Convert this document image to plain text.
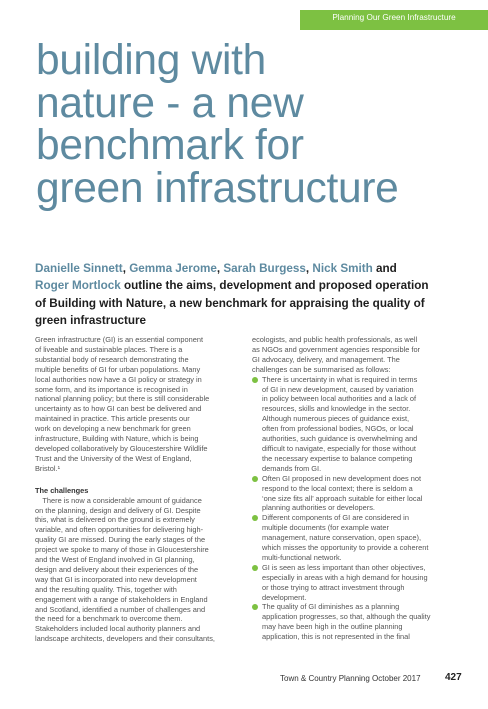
Planning Our Green Infrastructure
building with
nature - a new
benchmark for
green infrastructure
Danielle Sinnett, Gemma Jerome, Sarah Burgess, Nick Smith and
Roger Mortlock outline the aims, development and proposed operation
of Building with Nature, a new benchmark for appraising the quality of
green infrastructure

Green infrastructure (GI) is an essential component
of liveable and sustainable places. There is a
substantial body of research demonstrating the
multiple benefits of GI for urban populations. Many
local authorities now have a GI policy or strategy in
some form, and its importance is recognised in
national planning policy; but there is still considerable
uncertainty as to how GI can best be delivered and
maintained in practice. This article presents our
work on developing a new benchmark for green
infrastructure, Building with Nature, which is being
developed collaboratively by Gloucestershire Wildlife
Trust and the University of the West of England,
Bristol.¹

The challenges

 There is now a considerable amount of guidance
on the planning, design and delivery of GI. Despite
this, what is delivered on the ground is extremely
variable, and often opportunities for delivering high-
quality GI are missed. During the early stages of the
project we spoke to many of those in Gloucestershire
and the West of England involved in GI planning,
design and delivery about their experiences of the
way that GI is incorporated into new development
and the resulting quality. This, together with
engagement with a range of stakeholders in England
and Scotland, identified a number of challenges and
the need for a benchmark to overcome them.
Stakeholders included local authority planners and
landscape architects, developers and their consultants,

ecologists, and public health professionals, as well
as NGOs and government agencies responsible for
GI advocacy, delivery, and management. The
challenges can be summarised as follows:

There is uncertainty in what is required in terms
of GI in new development, caused by variation
in policy between local authorities and a lack of
resources, skills and knowledge in the sector.
Although numerous pieces of guidance exist,
often from professional bodies, NGOs, or local
authorities, such guidance is overwhelming and
difficult to navigate, especially for those without
the necessary expertise to balance competing
demands from GI.
Often GI proposed in new development does not
respond to the local context; there is seldom a
‘one size fits all’ approach suitable for either local
planning authorities or developers.
Different components of GI are considered in
multiple documents (for example water
management, nature conservation, open space),
which misses the opportunity to provide a coherent
multi-functional network.
GI is seen as less important than other objectives,
especially in areas with a high demand for housing
or those trying to attract investment through
development.
The quality of GI diminishes as a planning
application progresses, so that, although the quality
may have been high in the outline planning
application, this is not represented in the final
Town & Country Planning October 2017 427
